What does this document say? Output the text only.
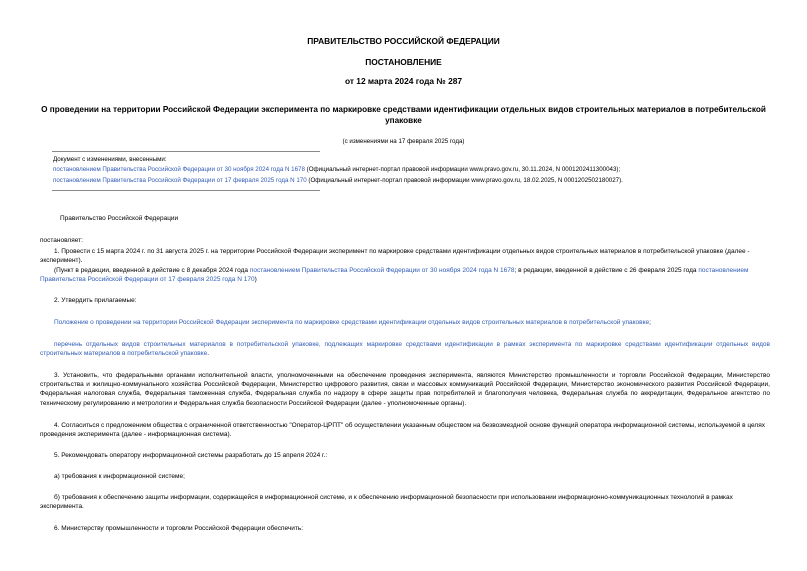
ПРАВИТЕЛЬСТВО РОССИЙСКОЙ ФЕДЕРАЦИИ
ПОСТАНОВЛЕНИЕ
от 12 марта 2024 года № 287
О проведении на территории Российской Федерации эксперимента по маркировке средствами идентификации отдельных видов строительных материалов в потребительской упаковке
(с изменениями на 17 февраля 2025 года)
Документ с изменениями, внесенными:
постановлением Правительства Российской Федерации от 30 ноября 2024 года N 1678 (Официальный интернет-портал правовой информации www.pravo.gov.ru, 30.11.2024, N 0001202411300043);
постановлением Правительства Российской Федерации от 17 февраля 2025 года N 170 (Официальный интернет-портал правовой информации www.pravo.gov.ru, 18.02.2025, N 0001202502180027).
Правительство Российской Федерации
постановляет:
1. Провести с 15 марта 2024 г. по 31 августа 2025 г. на территории Российской Федерации эксперимент по маркировке средствами идентификации отдельных видов строительных материалов в потребительской упаковке (далее - эксперимент).
(Пункт в редакции, введенной в действие с 8 декабря 2024 года постановлением Правительства Российской Федерации от 30 ноября 2024 года N 1678; в редакции, введенной в действие с 26 февраля 2025 года постановлением Правительства Российской Федерации от 17 февраля 2025 года N 170)
2. Утвердить прилагаемые:
Положение о проведении на территории Российской Федерации эксперимента по маркировке средствами идентификации отдельных видов строительных материалов в потребительской упаковке;
перечень отдельных видов строительных материалов в потребительской упаковке, подлежащих маркировке средствами идентификации в рамках эксперимента по маркировке средствами идентификации отдельных видов строительных материалов в потребительской упаковке.
3. Установить, что федеральными органами исполнительной власти, уполномоченными на обеспечение проведения эксперимента, являются Министерство промышленности и торговли Российской Федерации, Министерство строительства и жилищно-коммунального хозяйства Российской Федерации, Министерство цифрового развития, связи и массовых коммуникаций Российской Федерации, Министерство экономического развития Российской Федерации, Федеральная налоговая служба, Федеральная таможенная служба, Федеральная служба по надзору в сфере защиты прав потребителей и благополучия человека, Федеральная служба по аккредитации, Федеральное агентство по техническому регулированию и метрологии и Федеральная служба безопасности Российской Федерации (далее - уполномоченные органы).
4. Согласиться с предложением общества с ограниченной ответственностью "Оператор-ЦРПТ" об осуществлении указанным обществом на безвозмездной основе функций оператора информационной системы, используемой в целях проведения эксперимента (далее - информационная система).
5. Рекомендовать оператору информационной системы разработать до 15 апреля 2024 г.:
а) требования к информационной системе;
б) требования к обеспечению защиты информации, содержащейся в информационной системе, и к обеспечению информационной безопасности при использовании информационно-коммуникационных технологий в рамках эксперимента.
6. Министерству промышленности и торговли Российской Федерации обеспечить:
